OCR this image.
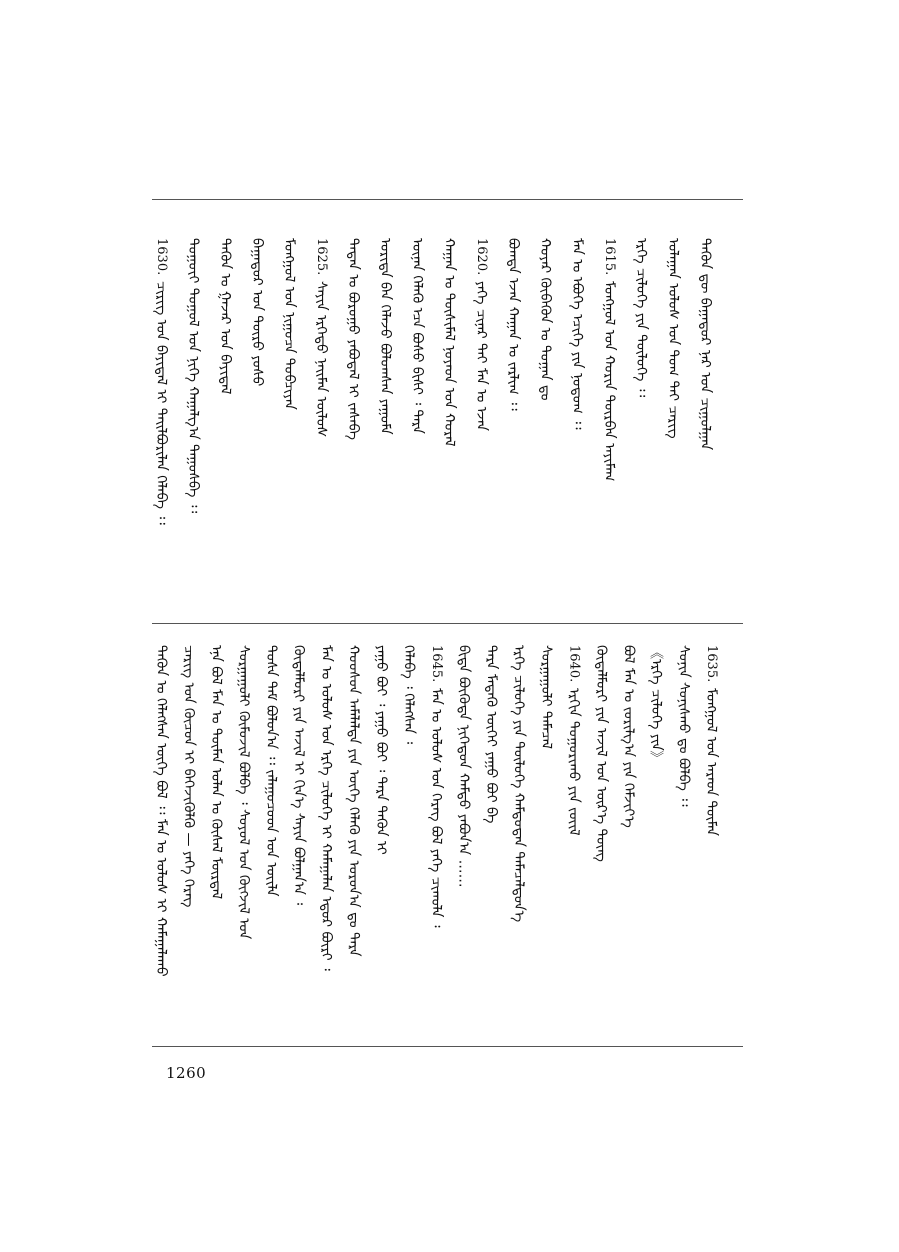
1630.ᠴᠢᠷᠢᠭ ᠤᠨ ᠪᠠᠶᠢᠳᠠᠯ ᠢ ᠲᠠᠢᠯᠪᠤᠷᠢᠯᠠᠨ ᠬᠡᠯᠡᠪᠡ ᠄᠄ ᠳᠤᠭᠤᠶ᠋ᠢ ᠲᠤᠭᠤᠯ ᠤᠨ ᠨᠢᠭᠡ ᠬᠠᠭᠠᠯᠭ᠎ᠠ ᠳᠠᠭᠤᠰᠪᠠ ᠄᠄ ᠲᠡᠭᠦᠨ ᠤ ᠭᠠᠵᠠᠷ ᠤᠨ ᠪᠠᠶᠢᠳᠠᠯ ᠪᠠᠭᠠᠲᠤᠷ ᠤᠨ ᠲᠦᠷᠦ ᠶᠣᠰᠣ ᠮᠣᠩᠭᠣᠯ ᠤᠨ ᠨᠢᠭᠤᠴᠠ ᠲᠣᠪᠴᠢᠶᠠᠨ	1625.ᠰᠠᠶᠢᠨ ᠡᠷᠬᠡᠲᠦ ᠨᠠᠢᠮᠠᠨ ᠦᠯᠦᠰ ᠲᠡᠳᠡᠨ ᠤ ᠪᠤᠷᠣᠭᠤ ᠶᠠᠪᠤᠳᠠᠯ ᠢ ᠵᠠᠰᠠᠪᠠ ᠤᠷᠢᠳᠠ ᠪᠠᠨ ᠬᠡᠯᠡᠵᠦ ᠪᠣᠯᠣᠭᠰᠠᠨ ᠶᠠᠭᠤᠮᠠ ᠦᠨᠡᠨ ᠬᠡᠯᠡᠬᠦ ᠡᠴᠡ ᠪᠤᠰᠤ ᠪᠢᠰᠢ ᠄ ᠲᠡᠷᠡ ᠬᠠᠭᠠᠨ ᠤ ᠲᠦᠰᠢᠮᠡᠯ ᠨᠣᠶᠠᠳ ᠤᠨ ᠬᠤᠷᠠᠯ	1620.ᠶᠡᠬᠡ ᠴᠢᠨᠠᠷ ᠲᠠᠢ ᠮᠠᠨ ᠤ ᠡᠵᠡᠨ ᠪᠣᠭᠳᠠ ᠡᠵᠡᠨ ᠬᠠᠭᠠᠨ ᠤ ᠵᠠᠷᠯᠢᠭ ᠄᠄ ᠬᠣᠶᠠᠷ ᠬᠥᠪᠡᠭᠦᠨ ᠤ ᠲᠣᠭᠠᠨ ᠳᠤ ᠮᠠᠨ ᠤ ᠡᠪᠦᠭᠡ ᠡᠴᠢᠭᠡ ᠶᠢᠨ ᠨᠤᠲᠤᠭ ᠄᠄	1615.ᠮᠣᠩᠭᠣᠯ ᠤᠨ ᠬᠣᠷᠢᠨ ᠳᠥᠷᠪᠡᠨ ᠠᠶᠢᠮᠠᠭ ᠡᠷᠬᠡ ᠴᠢᠯᠥᠭᠡ ᠶᠢᠨ ᠲᠥᠯᠦᠭᠡ ᠄᠄ ᠤᠯᠠᠭᠠᠨ ᠤᠯᠤᠰ ᠤᠨ ᠲᠤᠭ ᠲᠠᠢ ᠴᠡᠷᠢᠭ ᠲᠡᠭᠦᠨ ᠳᠦ ᠪᠠᠭᠠᠲᠤᠷ ᠨᠠᠷ ᠤᠨ ᠴᠢᠭᠤᠯᠭᠠᠨ
ᠲᠡᠭᠦᠨ ᠤ ᠬᠡᠯᠡᠭᠰᠡᠨ ᠦᠭᠡ ᠪᠣᠯ ᠄᠄ ᠮᠠᠨ ᠤ ᠤᠯᠤᠰ ᠢ ᠬᠠᠮᠠᠭᠠᠯᠠᠬᠤ ᠴᠡᠷᠢᠭ ᠤᠨ ᠬᠦᠴᠦᠨ ᠢ ᠪᠡᠬᠡᠵᠢᠭᠦᠯᠬᠦ — ᠶᠡᠬᠡ ᠬᠡᠷᠡᠭ ᠡᠨᠡ ᠪᠣᠯ ᠮᠠᠨ ᠤ ᠲᠦᠮᠡᠨ ᠣᠯᠠᠨ ᠤ ᠬᠦᠰᠡᠯ ᠮᠥᠷᠳᠡᠯ ᠰᠤᠷᠭᠠᠭᠤᠯᠢ ᠬᠦᠮᠦᠵᠢᠯ ᠪᠣᠯᠪᠠ ᠄ ᠰᠣᠶᠣᠯ ᠤᠨ ᠬᠥᠭᠵᠢᠯ ᠤᠨ ᠲᠤᠰᠠ ᠳᠡᠮ ᠪᠣᠯᠤᠨ᠎ᠠ ᠄᠄ ᠵᠠᠯᠠᠭᠤᠴᠤᠳ ᠤᠨ ᠦᠢᠯᠡ ᠬᠥᠳᠡᠯᠮᠦᠷᠢ ᠶᠢᠨ ᠠᠵᠢᠯ ᠢ ᠬᠢᠨ᠎ᠡ ᠰᠠᠶᠢᠨ ᠪᠣᠯᠭᠠᠨ᠎ᠠ ᠄ ᠮᠠᠨ ᠤ ᠤᠯᠤᠰ ᠤᠨ ᠡᠷᠬᠡ ᠴᠢᠯᠥᠭᠡ ᠢ ᠬᠠᠮᠠᠭᠠᠯᠠᠨ ᠡᠳᠦᠷ ᠪᠦᠷᠢ ᠄ ᠬᠣᠣᠰᠤᠨ ᠠᠮᠠᠯᠠᠯᠲᠠ ᠶᠢᠨ ᠦᠭᠡ ᠬᠡᠯᠡᠬᠦ ᠶᠢᠨ ᠣᠷᠣᠨ᠎ᠠ ᠳᠤ ᠲᠡᠷᠡ ᠶᠠᠭᠤ ᠪᠤᠢ ᠄ ᠶᠠᠭᠤ ᠪᠤᠢ ᠄ ᠲᠡᠷᠡ ᠲᠡᠭᠦᠨ ᠢ ᠬᠡᠯᠡᠪᠡ ᠄ ᠬᠡᠯᠡᠭᠰᠡᠨ ᠄ 1645.ᠮᠠᠨ ᠤ ᠤᠯᠤᠰ ᠤᠨ ᠬᠡᠷᠡᠭ ᠪᠣᠯ ᠶᠡᠬᠡ ᠴᠢᠬᠤᠯᠠ ᠄ ᠪᠢᠳᠡ ᠪᠦᠭᠦᠳᠡ ᠨᠢᠭᠡᠳᠦᠨ ᠬᠠᠮᠲᠤ ᠶᠠᠪᠤᠨ᠎ᠠ …… ᠲᠡᠷᠡ ᠮᠡᠳᠡᠬᠦ ᠦᠭᠡᠢ ᠶᠠᠭᠤ ᠪᠤᠢ ᠪᠡ ᠡᠷᠬᠡ ᠴᠢᠯᠥᠭᠡ ᠶᠢᠨ ᠲᠥᠯᠦᠭᠡ ᠬᠠᠮᠲᠤᠳᠠᠨ ᠲᠡᠮᠡᠴᠡᠯᠳᠦᠨ᠎ᠡ ᠰᠤᠷᠭᠠᠭᠤᠯᠢ ᠲᠡᠮᠡᠴᠡᠯ 1640.ᠡᠷᠭᠢᠨ ᠲᠣᠭᠣᠷᠢᠬᠤ ᠶᠢᠨ ᠵᠦᠢᠯ ᠬᠥᠳᠡᠯᠮᠦᠷᠢ ᠶᠢᠨ ᠠᠵᠢᠯ ᠤᠨ ᠦᠷ᠎ᠡ ᠳᠦᠩ ᠪᠣᠯ ᠮᠠᠨ ᠤ ᠵᠣᠷᠢᠯᠭ᠎ᠠ ᠶᠢᠨ ᠬᠡᠮᠵᠢᠶ᠎ᠡ 《ᠡᠷᠬᠡ ᠴᠢᠯᠥᠭᠡ ᠶᠢᠨ》 ᠰᠣᠨᠢᠨ ᠰᠣᠨᠢᠰᠬᠤ ᠳᠤ ᠪᠣᠯᠪᠠ ᠄᠄ 1635.ᠮᠣᠩᠭᠣᠯ ᠤᠨ ᠠᠷᠠᠳ ᠲᠥᠮᠡᠨ
1260
